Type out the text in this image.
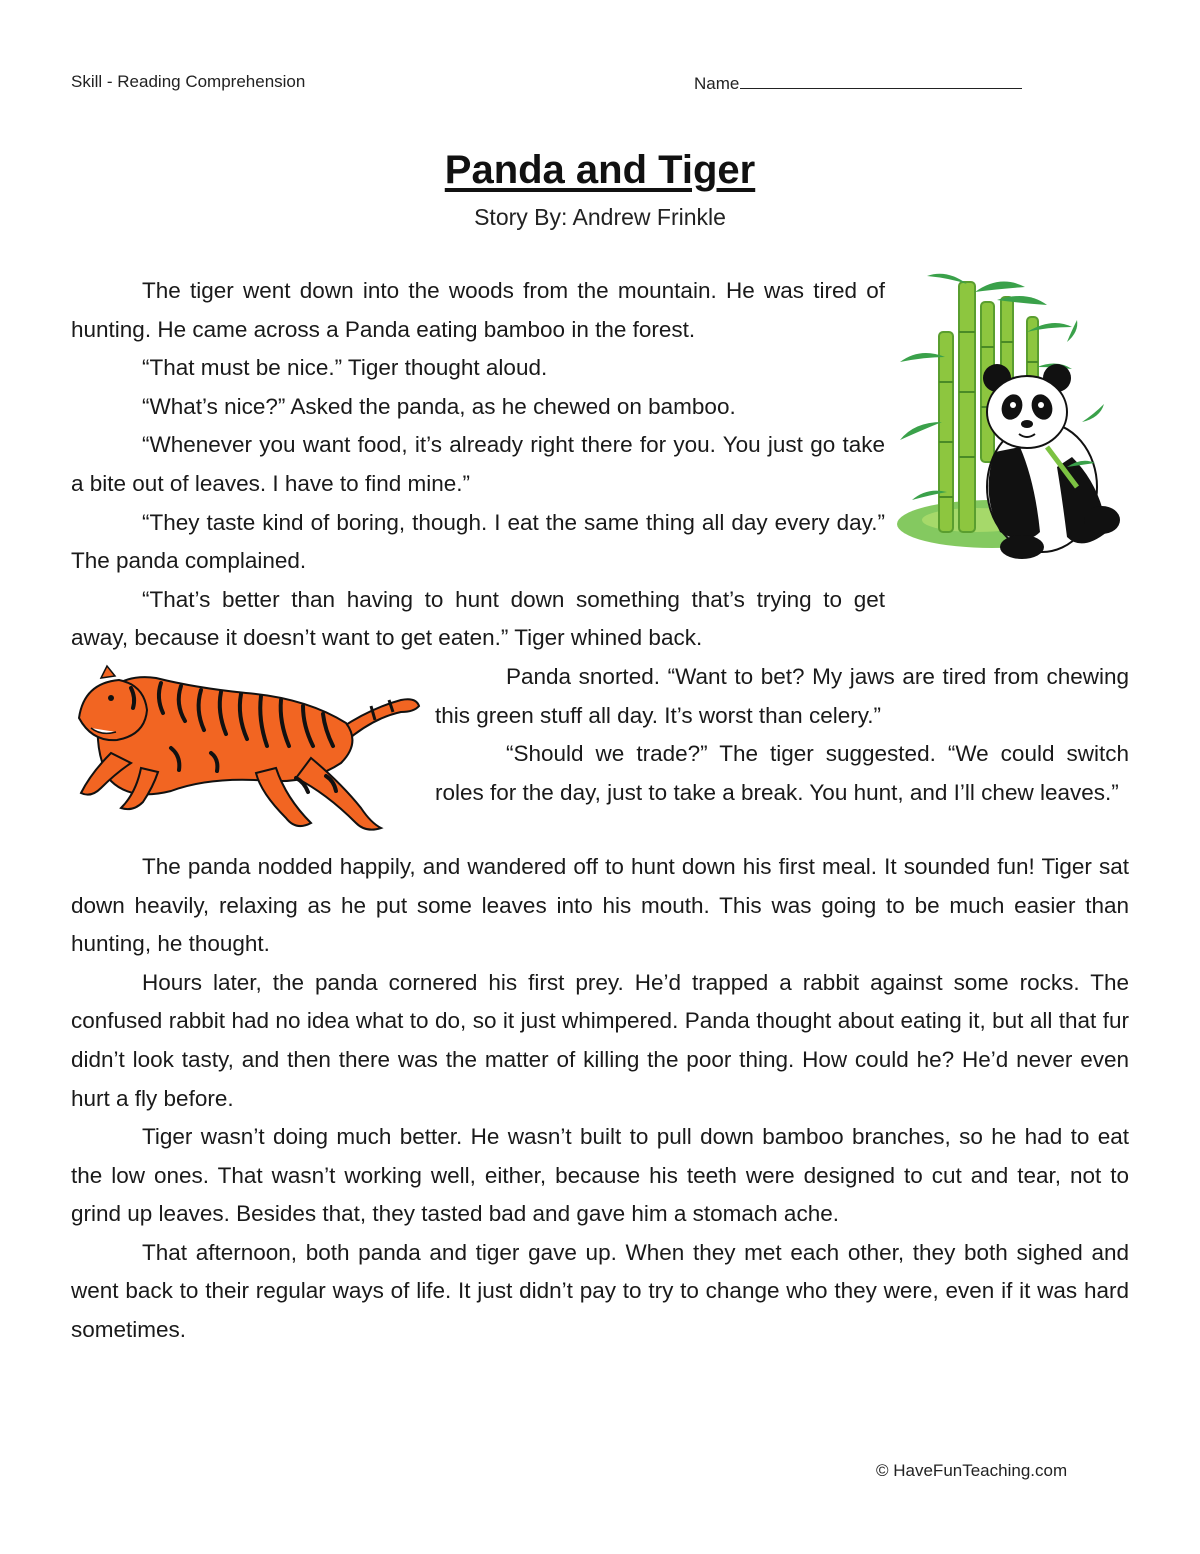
Skill - Reading Comprehension	Name
Panda and Tiger
Story By: Andrew Frinkle

The tiger went down into the woods from the mountain. He was tired of hunting. He came across a Panda eating bamboo in the forest.

“That must be nice.” Tiger thought aloud.

“What’s nice?” Asked the panda, as he chewed on bamboo.

“Whenever you want food, it’s already right there for you. You just go take a bite out of leaves. I have to find mine.”

“They taste kind of boring, though. I eat the same thing all day every day.” The panda complained.

“That’s better than having to hunt down something that’s trying to get away, because it doesn’t want to get eaten.” Tiger whined back.

Panda snorted. “Want to bet? My jaws are tired from chewing this green stuff all day. It’s worst than celery.”

“Should we trade?” The tiger suggested. “We could switch roles for the day, just to take a break. You hunt, and I’ll chew leaves.”

The panda nodded happily, and wandered off to hunt down his first meal. It sounded fun! Tiger sat down heavily, relaxing as he put some leaves into his mouth. This was going to be much easier than hunting, he thought.

Hours later, the panda cornered his first prey. He’d trapped a rabbit against some rocks. The confused rabbit had no idea what to do, so it just whimpered. Panda thought about eating it, but all that fur didn’t look tasty, and then there was the matter of killing the poor thing. How could he? He’d never even hurt a fly before.

Tiger wasn’t doing much better. He wasn’t built to pull down bamboo branches, so he had to eat the low ones. That wasn’t working well, either, because his teeth were designed to cut and tear, not to grind up leaves. Besides that, they tasted bad and gave him a stomach ache.

That afternoon, both panda and tiger gave up. When they met each other, they both sighed and went back to their regular ways of life. It just didn’t pay to try to change who they were, even if it was hard sometimes.

© HaveFunTeaching.com
